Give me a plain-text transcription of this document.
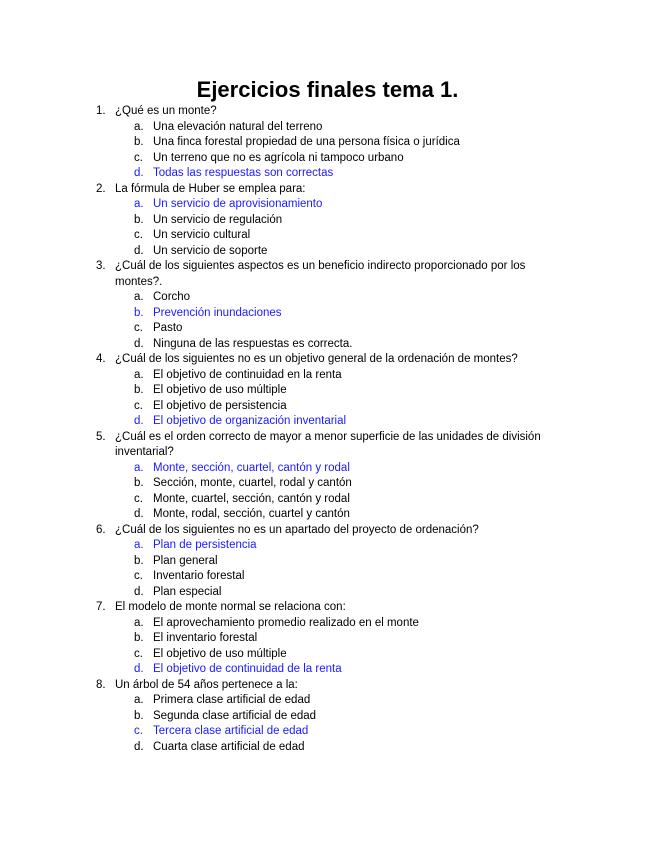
Ejercicios finales tema 1.
1. ¿Qué es un monte?
a. Una elevación natural del terreno
b. Una finca forestal propiedad de una persona física o jurídica
c. Un terreno que no es agrícola ni tampoco urbano
d. Todas las respuestas son correctas
2. La fórmula de Huber se emplea para:
a. Un servicio de aprovisionamiento
b. Un servicio de regulación
c. Un servicio cultural
d. Un servicio de soporte
3. ¿Cuál de los siguientes aspectos es un beneficio indirecto proporcionado por los montes?.
a. Corcho
b. Prevención inundaciones
c. Pasto
d. Ninguna de las respuestas es correcta.
4. ¿Cuál de los siguientes no es un objetivo general de la ordenación de montes?
a. El objetivo de continuidad en la renta
b. El objetivo de uso múltiple
c. El objetivo de persistencia
d. El objetivo de organización inventarial
5. ¿Cuál es el orden correcto de mayor a menor superficie de las unidades de división inventarial?
a. Monte, sección, cuartel, cantón y rodal
b. Sección, monte, cuartel, rodal y cantón
c. Monte, cuartel, sección, cantón y rodal
d. Monte, rodal, sección, cuartel y cantón
6. ¿Cuál de los siguientes no es un apartado del proyecto de ordenación?
a. Plan de persistencia
b. Plan general
c. Inventario forestal
d. Plan especial
7. El modelo de monte normal se relaciona con:
a. El aprovechamiento promedio realizado en el monte
b. El inventario forestal
c. El objetivo de uso múltiple
d. El objetivo de continuidad de la renta
8. Un árbol de 54 años pertenece a la:
a. Primera clase artificial de edad
b. Segunda clase artificial de edad
c. Tercera clase artificial de edad
d. Cuarta clase artificial de edad
